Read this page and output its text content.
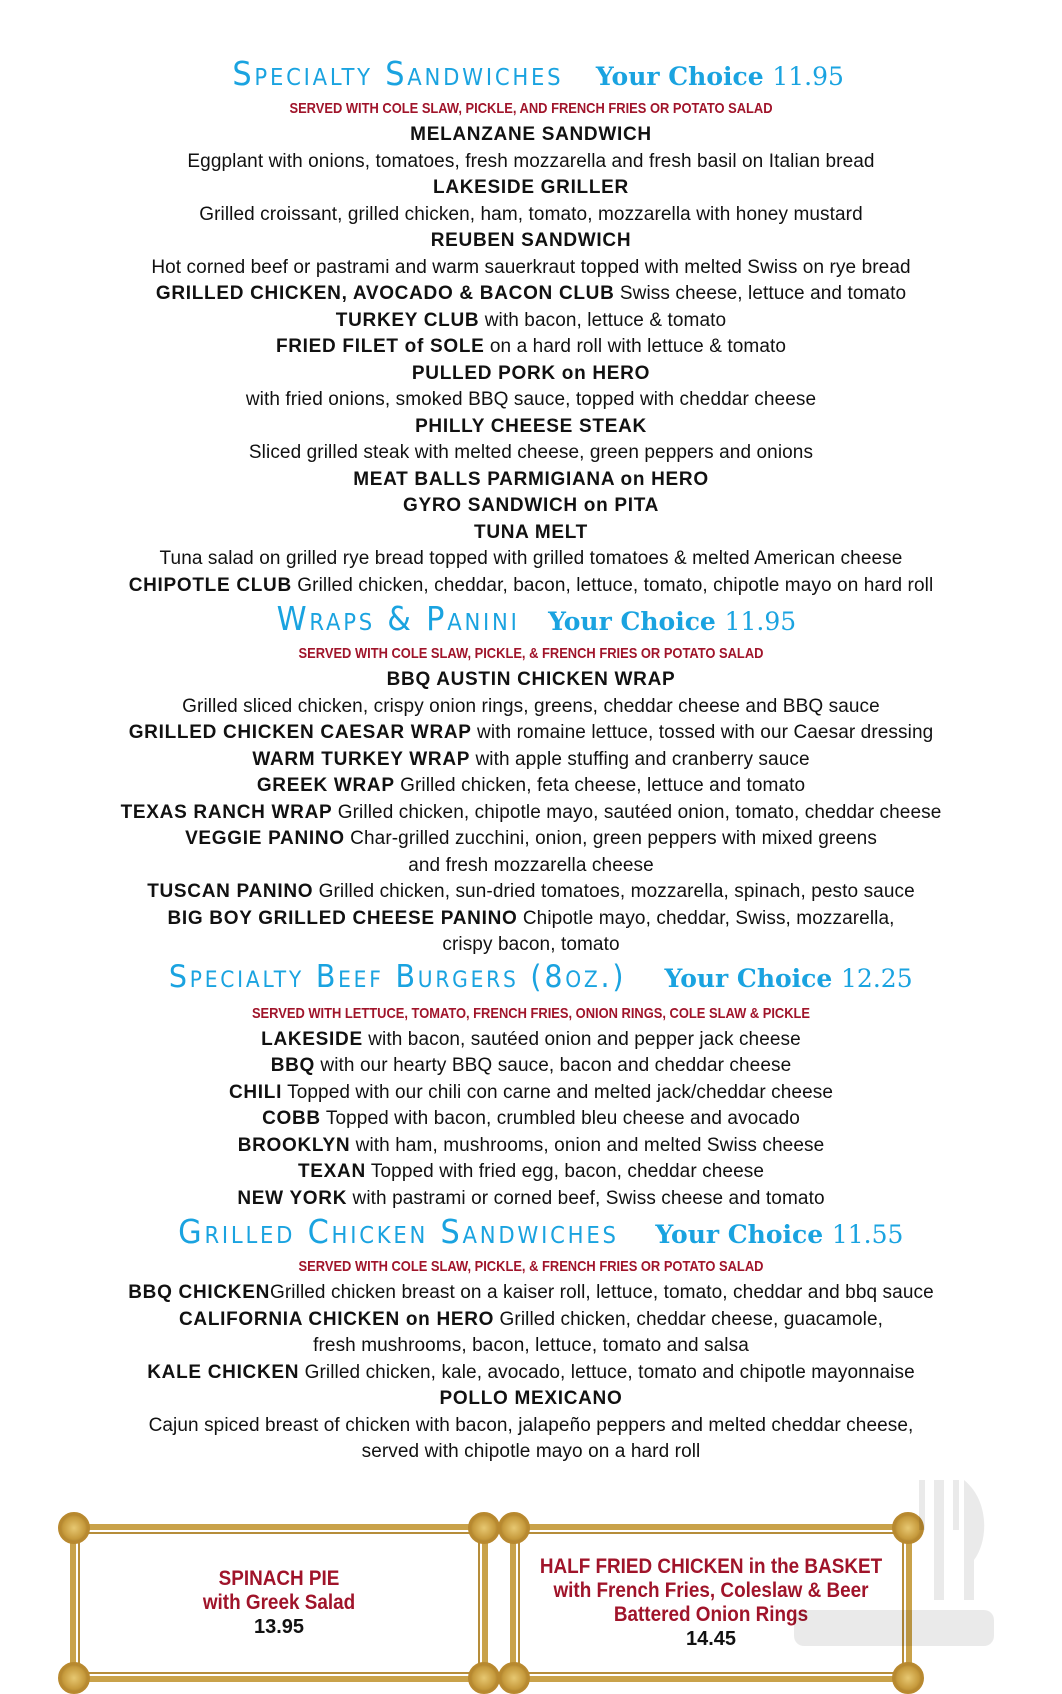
Specialty Sandwiches Your Choice 11.95
SERVED WITH COLE SLAW, PICKLE, AND FRENCH FRIES OR POTATO SALAD
MELANZANE SANDWICH
Eggplant with onions, tomatoes, fresh mozzarella and fresh basil on Italian bread
LAKESIDE GRILLER
Grilled croissant, grilled chicken, ham, tomato, mozzarella with honey mustard
REUBEN SANDWICH
Hot corned beef or pastrami and warm sauerkraut topped with melted Swiss on rye bread
GRILLED CHICKEN, AVOCADO & BACON CLUB Swiss cheese, lettuce and tomato
TURKEY CLUB with bacon, lettuce & tomato
FRIED FILET of SOLE on a hard roll with lettuce & tomato
PULLED PORK on HERO
with fried onions, smoked BBQ sauce, topped with cheddar cheese
PHILLY CHEESE STEAK
Sliced grilled steak with melted cheese, green peppers and onions
MEAT BALLS PARMIGIANA on HERO
GYRO SANDWICH on PITA
TUNA MELT
Tuna salad on grilled rye bread topped with grilled tomatoes & melted American cheese
CHIPOTLE CLUB Grilled chicken, cheddar, bacon, lettuce, tomato, chipotle mayo on hard roll
Wraps & Panini Your Choice 11.95
SERVED WITH COLE SLAW, PICKLE, & FRENCH FRIES OR POTATO SALAD
BBQ AUSTIN CHICKEN WRAP
Grilled sliced chicken, crispy onion rings, greens, cheddar cheese and BBQ sauce
GRILLED CHICKEN CAESAR WRAP with romaine lettuce, tossed with our Caesar dressing
WARM TURKEY WRAP with apple stuffing and cranberry sauce
GREEK WRAP Grilled chicken, feta cheese, lettuce and tomato
TEXAS RANCH WRAP Grilled chicken, chipotle mayo, sautéed onion, tomato, cheddar cheese
VEGGIE PANINO Char-grilled zucchini, onion, green peppers with mixed greens
and fresh mozzarella cheese
TUSCAN PANINO Grilled chicken, sun-dried tomatoes, mozzarella, spinach, pesto sauce
BIG BOY GRILLED CHEESE PANINO Chipotle mayo, cheddar, Swiss, mozzarella,
crispy bacon, tomato
Specialty Beef Burgers (8oz.) Your Choice 12.25
SERVED WITH LETTUCE, TOMATO, FRENCH FRIES, ONION RINGS, COLE SLAW & PICKLE
LAKESIDE with bacon, sautéed onion and pepper jack cheese
BBQ with our hearty BBQ sauce, bacon and cheddar cheese
CHILI Topped with our chili con carne and melted jack/cheddar cheese
COBB Topped with bacon, crumbled bleu cheese and avocado
BROOKLYN with ham, mushrooms, onion and melted Swiss cheese
TEXAN Topped with fried egg, bacon, cheddar cheese
NEW YORK with pastrami or corned beef, Swiss cheese and tomato
Grilled Chicken Sandwiches Your Choice 11.55
SERVED WITH COLE SLAW, PICKLE, & FRENCH FRIES OR POTATO SALAD
BBQ CHICKENGrilled chicken breast on a kaiser roll, lettuce, tomato, cheddar and bbq sauce
CALIFORNIA CHICKEN on HERO Grilled chicken, cheddar cheese, guacamole,
fresh mushrooms, bacon, lettuce, tomato and salsa
KALE CHICKEN Grilled chicken, kale, avocado, lettuce, tomato and chipotle mayonnaise
POLLO MEXICANO
Cajun spiced breast of chicken with bacon, jalapeño peppers and melted cheddar cheese,
served with chipotle mayo on a hard roll
SPINACH PIE
with Greek Salad
13.95
HALF FRIED CHICKEN in the BASKET
with French Fries, Coleslaw & Beer
Battered Onion Rings
14.45
